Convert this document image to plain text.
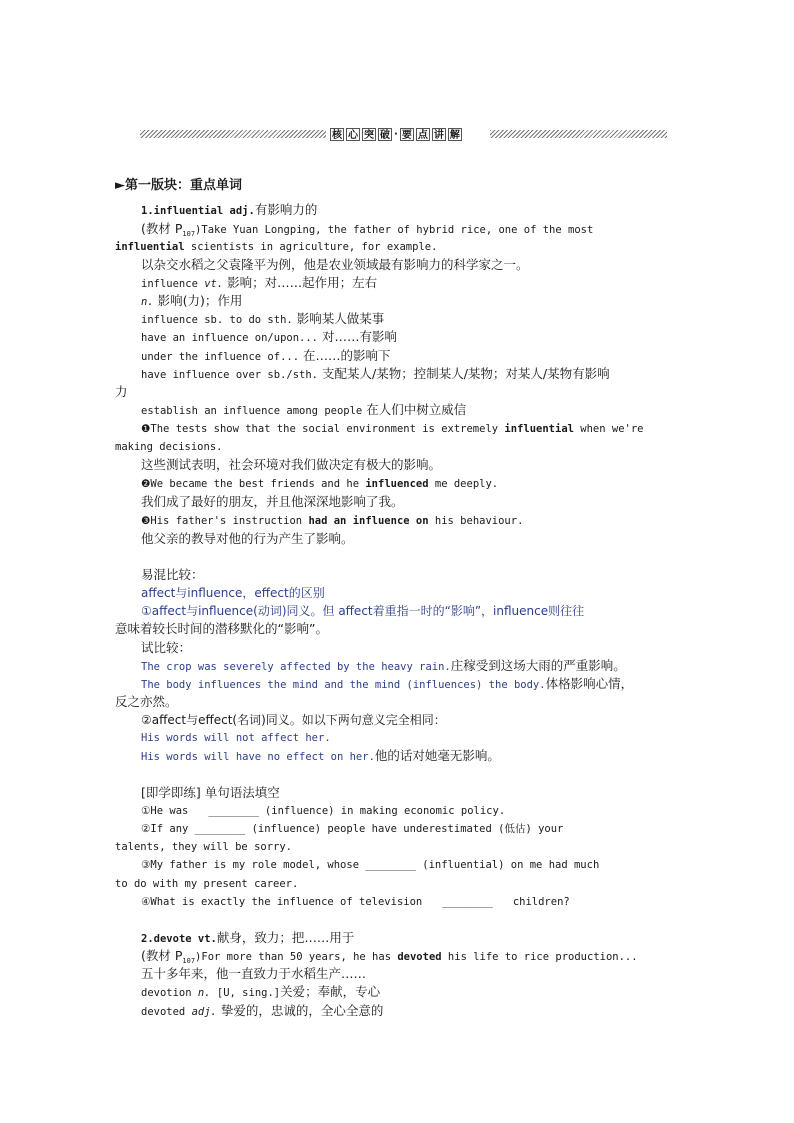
核 心 突 破 · 要 点 讲 解
►第一版块：重点单词
1.influential adj.有影响力的
(教材 $P_{107})Take$ Yuan Longping, the father of hybrid rice, one of the most
influential scientists in agriculture, for example.
以杂交水稻之父袁隆平为例，他是农业领域最有影响力的科学家之一。
influence vt. 影响；对……起作用；左右
n. 影响(力)；作用
influence sb. to do sth. 影响某人做某事
have an influence on/upon... 对……有影响
under the influence of... 在……的影响下
have influence over sb./sth. 支配某人/某物；控制某人/某物；对某人/某物有影响
力
establish an influence among people 在人们中树立威信
❶The tests show that the social environment is extremely influential when we're
making decisions.
这些测试表明，社会环境对我们做决定有极大的影响。
❷We became the best friends and he influenced me deeply.
我们成了最好的朋友，并且他深深地影响了我。
❸His father's instruction had an influence on his behaviour.
他父亲的教导对他的行为产生了影响。
易混比较：
affect与influence，effect的区别
①affect与influence(动词)同义。但 affect着重指一时的“影响”，influence则往往
意味着较长时间的潜移默化的“影响”。
试比较：
The crop was severely affected by the heavy rain.庄稼受到这场大雨的严重影响。
The body influences the mind and the mind (influences) the body.体格影响心情，
反之亦然。
②affect与effect(名词)同义。如以下两句意义完全相同：
His words will not affect her.
His words will have no effect on her.他的话对她毫无影响。
[即学即练] 单句语法填空
①He was ________ (influence) in making economic policy.
②If any ________ (influence) people have underestimated (低估) your
talents, they will be sorry.
③My father is my role model, whose ________ (influential) on me had much
to do with my present career.
④What is exactly the influence of television ________ children?
2.devote vt.献身，致力；把……用于
(教材 $P_{107})For$ more than 50 years, he has devoted his life to rice production...
五十多年来，他一直致力于水稻生产……
devotion n. [U, sing.]关爱；奉献，专心
devoted adj. 挚爱的，忠诚的，全心全意的
